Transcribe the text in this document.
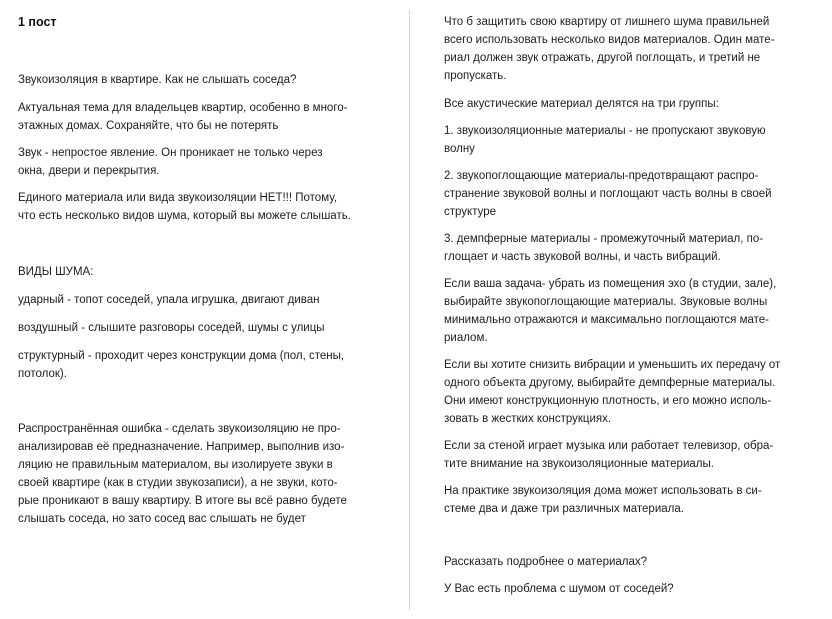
1 пост

Звукоизоляция в квартире. Как не слышать соседа?

Актуальная тема для владельцев квартир, особенно в много-
этажных домах. Сохраняйте, что бы не потерять

Звук - непростое явление. Он проникает не только через
окна, двери и перекрытия.

Единого материала или вида звукоизоляции НЕТ!!! Потому,
что есть несколько видов шума, который вы можете слышать.

ВИДЫ ШУМА:

ударный - топот соседей, упала игрушка, двигают диван

воздушный - слышите разговоры соседей, шумы с улицы

структурный - проходит через конструкции дома (пол, стены,
потолок).

Распространённая ошибка - сделать звукоизоляцию не про-
анализировав её предназначение. Например, выполнив изо-
ляцию не правильным материалом, вы изолируете звуки в
своей квартире (как в студии звукозаписи), а не звуки, кото-
рые проникают в вашу квартиру. В итоге вы всё равно будете
слышать соседа, но зато сосед вас слышать не будет

Что б защитить свою квартиру от лишнего шума правильней
всего использовать несколько видов материалов. Один мате-
риал должен звук отражать, другой поглощать, и третий не
пропускать.

Все акустические материал делятся на три группы:

1. звукоизоляционные материалы - не пропускают звуковую
волну

2. звукопоглощающие материалы-предотвращают распро-
странение звуковой волны и поглощают часть волны в своей
структуре

3. демпферные материалы - промежуточный материал, по-
глощает и часть звуковой волны, и часть вибраций.

Если ваша задача- убрать из помещения эхо (в студии, зале),
выбирайте звукопоглощающие материалы. Звуковые волны
минимально отражаются и максимально поглощаются мате-
риалом.

Если вы хотите снизить вибрации и уменьшить их передачу от
одного объекта другому, выбирайте демпферные материалы.
Они имеют конструкционную плотность, и его можно исполь-
зовать в жестких конструкциях.

Если за стеной играет музыка или работает телевизор, обра-
тите внимание на звукоизоляционные материалы.

На практике звукоизоляция дома может использовать в си-
стеме два и даже три различных материала.

Рассказать подробнее о материалах?

У Вас есть проблема с шумом от соседей?
